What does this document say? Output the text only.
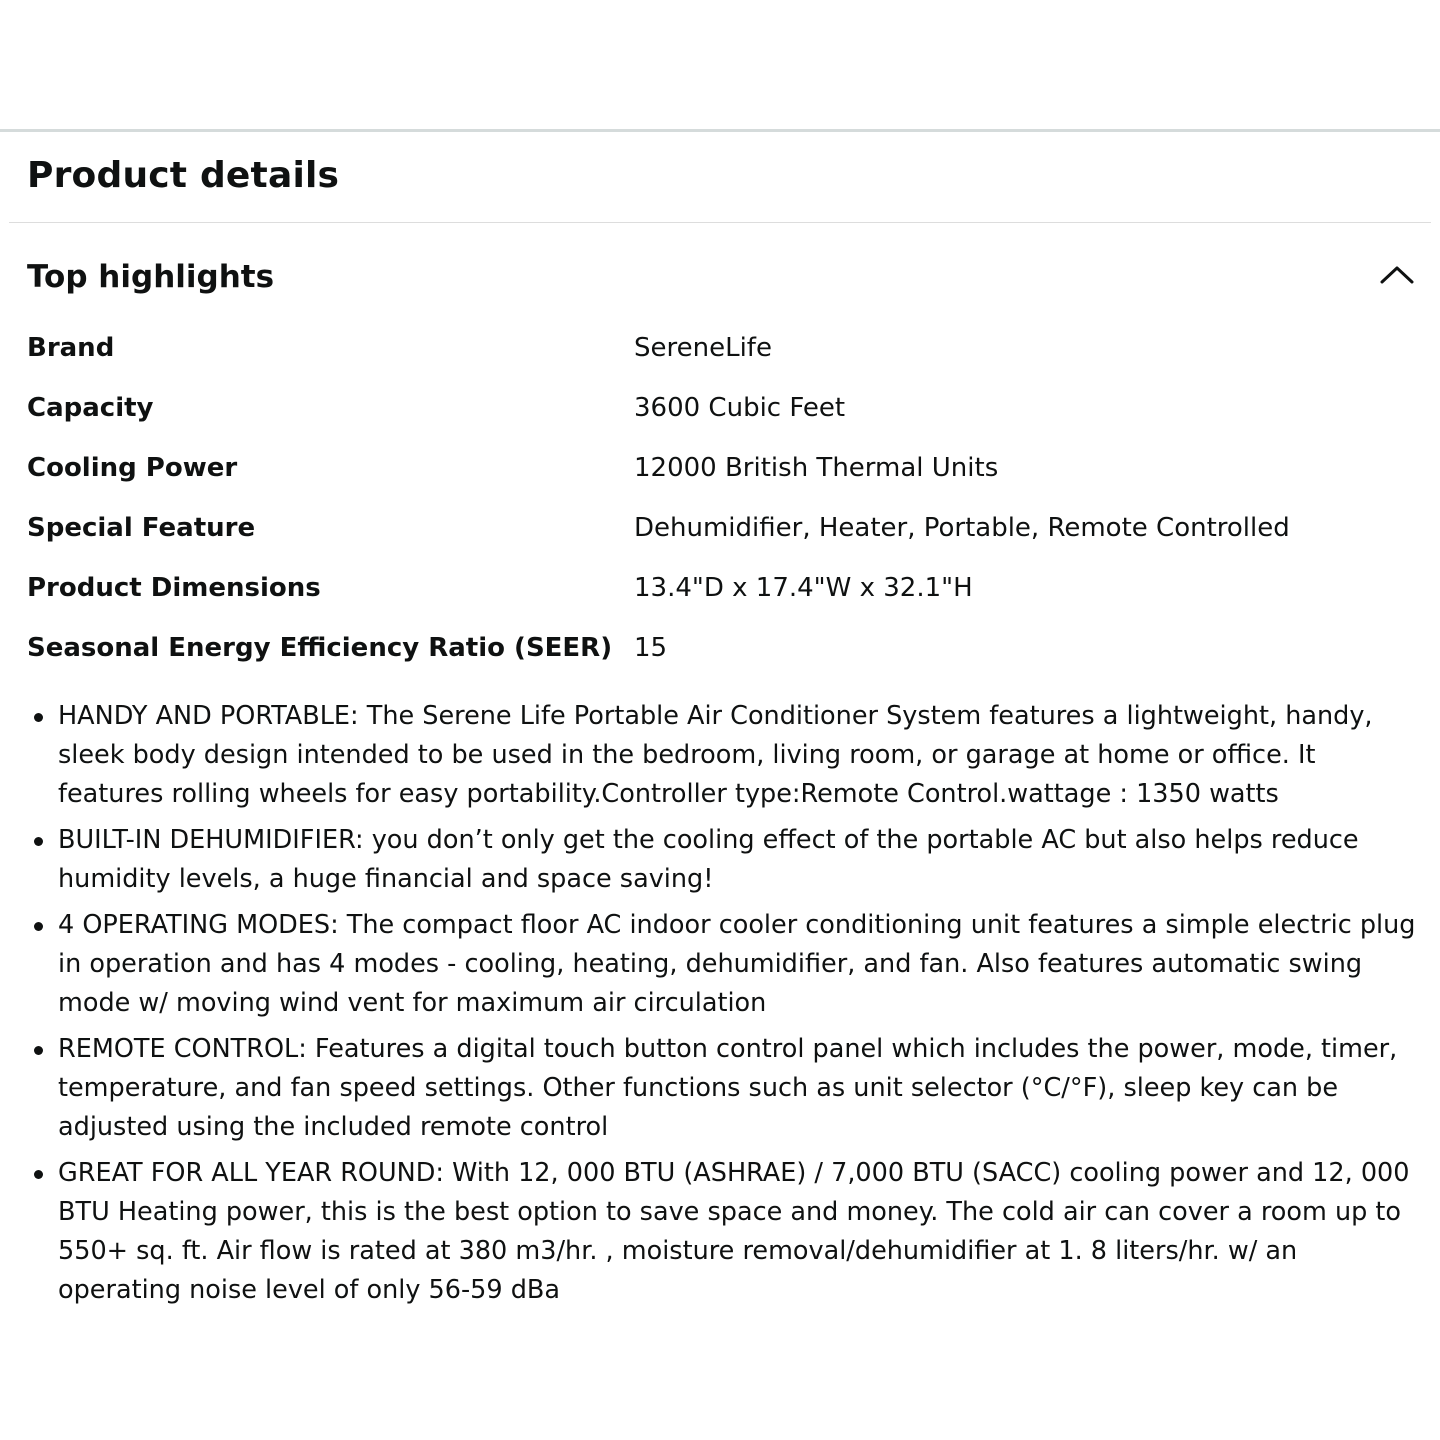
Product details
Top highlights
Brand	SereneLife
Capacity	3600 Cubic Feet
Cooling Power	12000 British Thermal Units
Special Feature	Dehumidifier, Heater, Portable, Remote Controlled
Product Dimensions	13.4"D x 17.4"W x 32.1"H
Seasonal Energy Efficiency Ratio (SEER) 15
HANDY AND PORTABLE: The Serene Life Portable Air Conditioner System features a lightweight, handy, sleek body design intended to be used in the bedroom, living room, or garage at home or office. It features rolling wheels for easy portability.Controller type:Remote Control.wattage : 1350 watts
BUILT-IN DEHUMIDIFIER: you don’t only get the cooling effect of the portable AC but also helps reduce humidity levels, a huge financial and space saving!
4 OPERATING MODES: The compact floor AC indoor cooler conditioning unit features a simple electric plug in operation and has 4 modes - cooling, heating, dehumidifier, and fan. Also features automatic swing mode w/ moving wind vent for maximum air circulation
REMOTE CONTROL: Features a digital touch button control panel which includes the power, mode, timer, temperature, and fan speed settings. Other functions such as unit selector (°C/°F), sleep key can be adjusted using the included remote control
GREAT FOR ALL YEAR ROUND: With 12, 000 BTU (ASHRAE) / 7,000 BTU (SACC) cooling power and 12, 000 BTU Heating power, this is the best option to save space and money. The cold air can cover a room up to 550+ sq. ft. Air flow is rated at 380 m3/hr. , moisture removal/dehumidifier at 1. 8 liters/hr. w/ an operating noise level of only 56-59 dBa
